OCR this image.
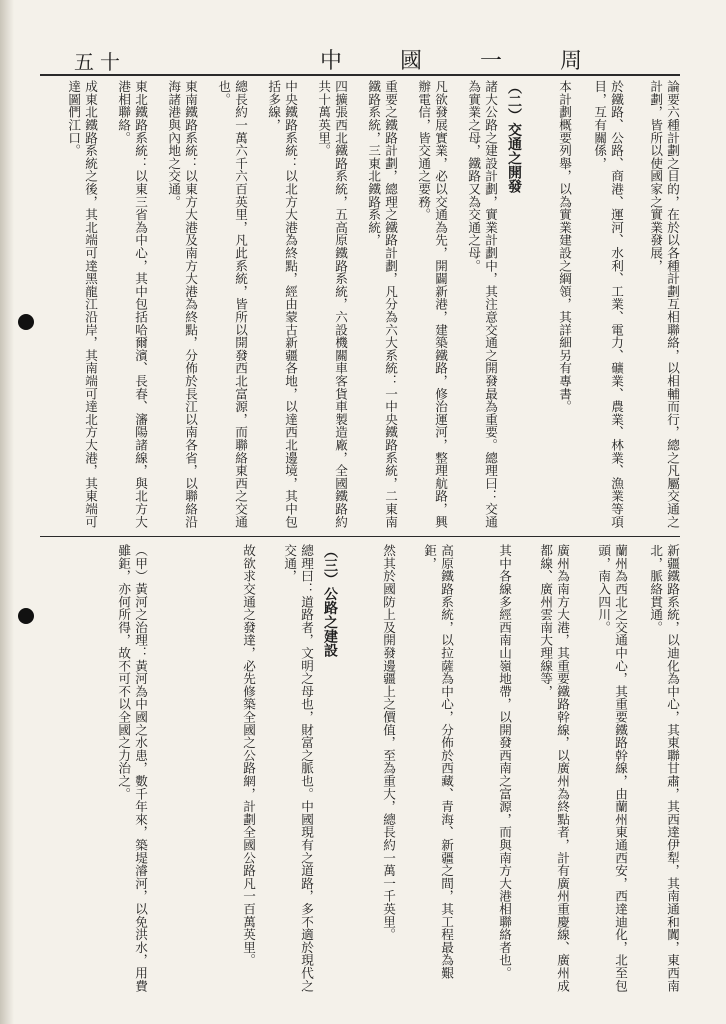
五十	中國一周
論要六種計劃之目的，在於以各種計劃互相聯絡，以相輔而行，總之凡屬交通之計劃，皆所以使國家之實業發展，
於鐵路、公路、商港、運河、水利、工業、電力、礦業、農業、林業、漁業等項目，互有關係，
本計劃概要列舉，以為實業建設之綱領，其詳細另有專書。
（二）交通之開發
諸大公路之建設計劃，實業計劃中，其注意交通之開發最為重要。總理曰：交通為實業之母，鐵路又為交通之母。
凡欲發展實業，必以交通為先，開闢新港，建築鐵路，修治運河，整理航路，興辦電信，皆交通之要務。
重要之鐵路計劃，總理之鐵路計劃，凡分為六大系統：一中央鐵路系統，二東南鐵路系統，三東北鐵路系統，
四擴張西北鐵路系統，五高原鐵路系統，六設機關車客貨車製造廠，全國鐵路約共十萬英里。
中央鐵路系統：以北方大港為終點，經由蒙古新疆各地，以達西北邊境，其中包括多線，
總長約一萬六千六百英里，凡此系統，皆所以開發西北富源，而聯絡東西之交通也。
東南鐵路系統：以東方大港及南方大港為終點，分佈於長江以南各省，以聯絡沿海諸港與內地之交通。
東北鐵路系統：以東三省為中心，其中包括哈爾濱、長春、瀋陽諸線，與北方大港相聯絡。
成東北鐵路系統之後，其北端可達黑龍江沿岸，其南端可達北方大港，其東端可達圖們江口。
新疆鐵路系統，以迪化為中心，其東聯甘肅，其西達伊犁，其南通和闐，東西南北，脈絡貫通。
蘭州為西北之交通中心，其重要鐵路幹線，由蘭州東通西安，西達迪化，北至包頭，南入四川。
廣州為南方大港，其重要鐵路幹線，以廣州為終點者，計有廣州重慶線、廣州成都線、廣州雲南大理線等，
其中各線多經西南山嶺地帶，以開發西南之富源，而與南方大港相聯絡者也。
高原鐵路系統，以拉薩為中心，分佈於西藏、青海、新疆之間，其工程最為艱鉅，
然其於國防上及開發邊疆上之價值，至為重大，總長約一萬一千英里。
（三）公路之建設
總理曰：道路者，文明之母也，財富之脈也。中國現有之道路，多不適於現代之交通，
故欲求交通之發達，必先修築全國之公路網，計劃全國公路凡一百萬英里。
（甲）黃河之治理：黃河為中國之水患，數千年來，築堤濬河，以免洪水，用費雖鉅，亦何所得，故不可不以全國之力治之。
